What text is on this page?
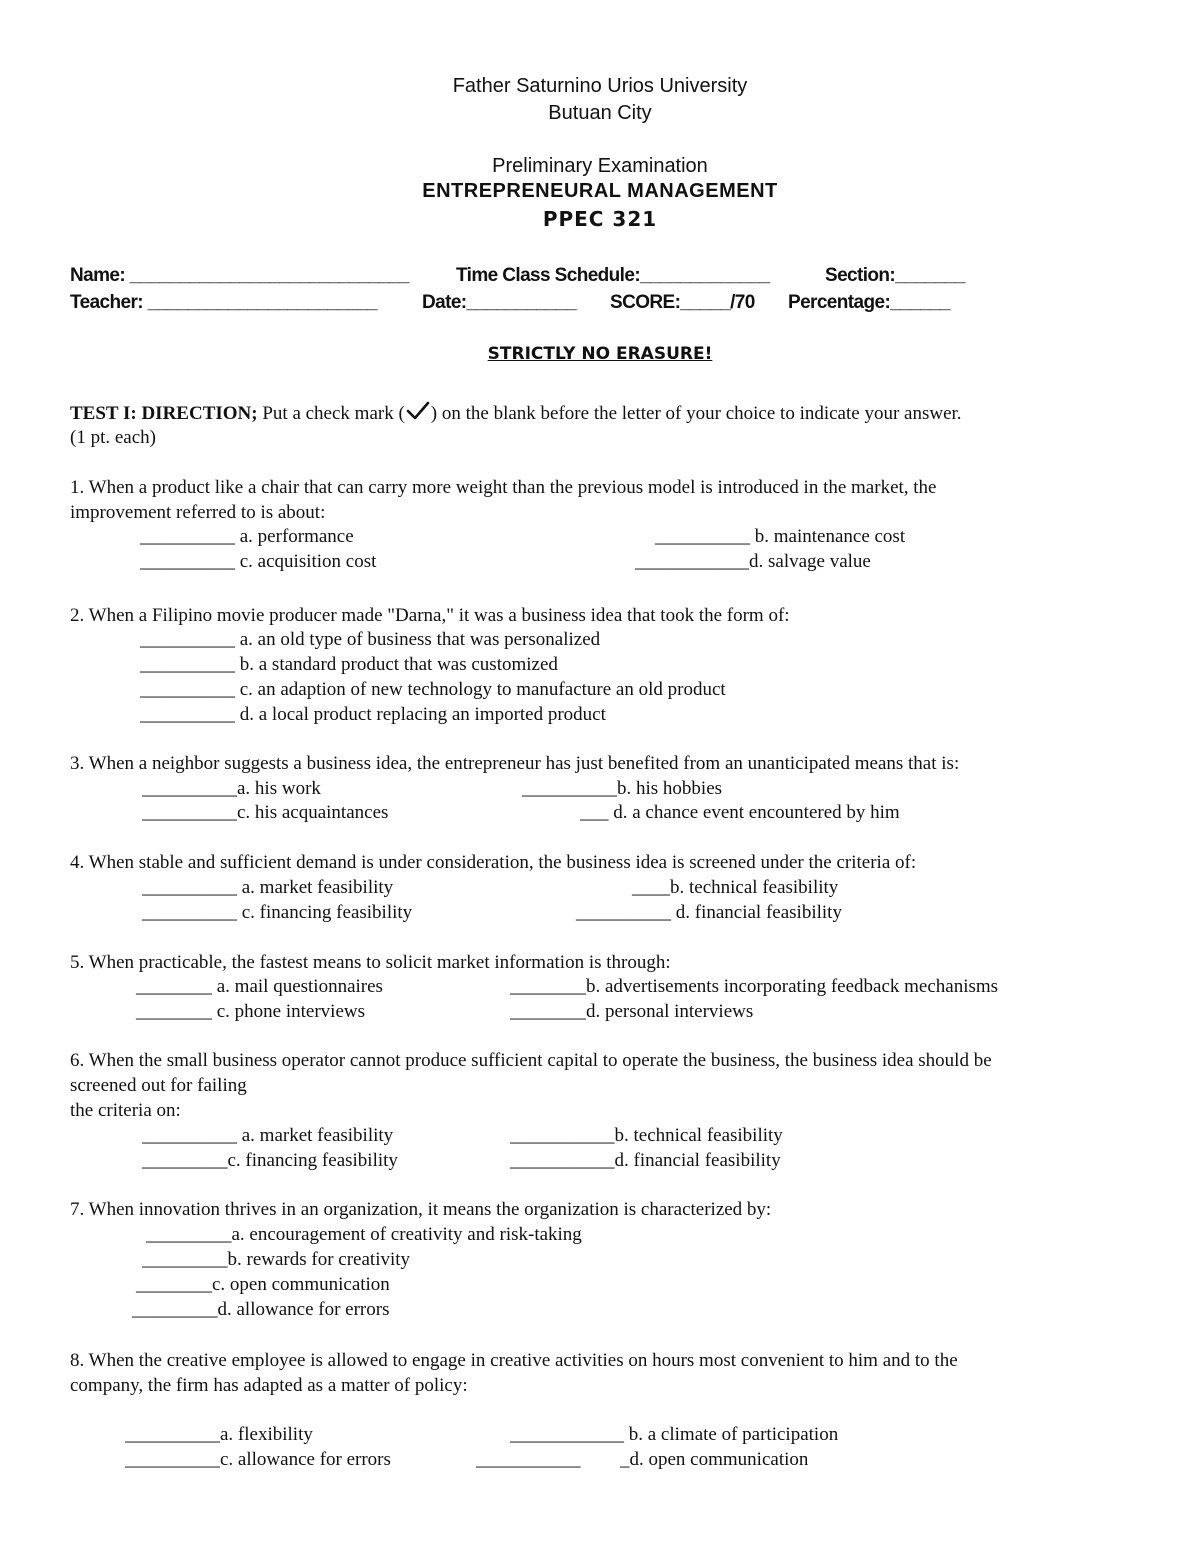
Father Saturnino Urios University
Butuan City
Preliminary Examination
ENTREPRENEURAL MANAGEMENT
PPEC 321
Name: ____________________________ Time Class Schedule:_____________	Section:_______
Teacher: _______________________ Date:___________ SCORE:_____/70 Percentage:______
STRICTLY NO ERASURE!
TEST I: DIRECTION; Put a check mark ( ) on the blank before the letter of your choice to indicate your answer.
(1 pt. each)
1. When a product like a chair that can carry more weight than the previous model is introduced in the market, the
improvement referred to is about:
__________ a. performance	__________ b. maintenance cost
__________ c. acquisition cost	____________d. salvage value
2. When a Filipino movie producer made "Darna," it was a business idea that took the form of:
__________ a. an old type of business that was personalized
__________ b. a standard product that was customized
__________ c. an adaption of new technology to manufacture an old product
__________ d. a local product replacing an imported product
3. When a neighbor suggests a business idea, the entrepreneur has just benefited from an unanticipated means that is:
__________a. his work	__________b. his hobbies
__________c. his acquaintances	___ d. a chance event encountered by him
4. When stable and sufficient demand is under consideration, the business idea is screened under the criteria of:
__________ a. market feasibility	____b. technical feasibility
__________ c. financing feasibility	__________ d. financial feasibility
5. When practicable, the fastest means to solicit market information is through:
________ a. mail questionnaires	________b. advertisements incorporating feedback mechanisms
________ c. phone interviews	________d. personal interviews
6. When the small business operator cannot produce sufficient capital to operate the business, the business idea should be
screened out for failing
the criteria on:
__________ a. market feasibility	___________b. technical feasibility
_________c. financing feasibility	___________d. financial feasibility
7. When innovation thrives in an organization, it means the organization is characterized by:
_________a. encouragement of creativity and risk-taking
_________b. rewards for creativity
________c. open communication
_________d. allowance for errors
8. When the creative employee is allowed to engage in creative activities on hours most convenient to him and to the
company, the firm has adapted as a matter of policy:
__________a. flexibility	____________ b. a climate of participation
__________c. allowance for errors	___________ _d. open communication
